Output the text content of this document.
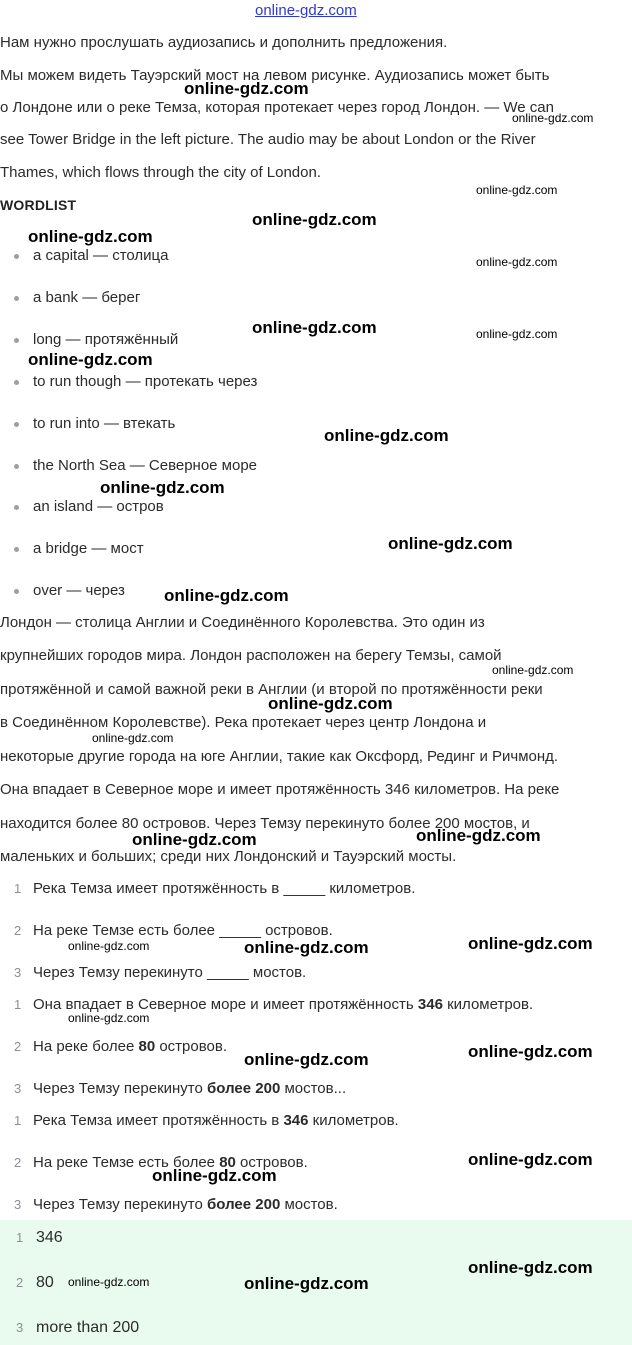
Нам нужно прослушать аудиозапись и дополнить предложения.
Мы можем видеть Тауэрский мост на левом рисунке. Аудиозапись может быть
о Лондоне или о реке Темза, которая протекает через город Лондон. — We can
see Tower Bridge in the left picture. The audio may be about London or the River
Thames, which flows through the city of London.
WORDLIST
a capital — столица
a bank — берег
long — протяжённый
to run though — протекать через
to run into — втекать
the North Sea — Северное море
an island — остров
a bridge — мост
over — через
Лондон — столица Англии и Соединённого Королевства. Это один из
крупнейших городов мира. Лондон расположен на берегу Темзы, самой
протяжённой и самой важной реки в Англии (и второй по протяжённости реки
в Соединённом Королевстве). Река протекает через центр Лондона и
некоторые другие города на юге Англии, такие как Оксфорд, Рединг и Ричмонд.
Она впадает в Северное море и имеет протяжённость 346 километров. На реке
находится более 80 островов. Через Темзу перекинуто более 200 мостов, и
маленьких и больших; среди них Лондонский и Тауэрский мосты.
1 Река Темза имеет протяжённость в _____ километров.
2 На реке Темзе есть более _____ островов.
3 Через Темзу перекинуто _____ мостов.
1 Она впадает в Северное море и имеет протяжённость 346 километров.
2 На реке более 80 островов.
3 Через Темзу перекинуто более 200 мостов...
1 Река Темза имеет протяжённость в 346 километров.
2 На реке Темзе есть более 80 островов.
3 Через Темзу перекинуто более 200 мостов.
1 346
2 80
3 more than 200
online-gdz.com
online-gdz.com
online-gdz.com
online-gdz.com
online-gdz.com
online-gdz.com
online-gdz.com
online-gdz.com	online-gdz.com
online-gdz.com
online-gdz.com
online-gdz.com
online-gdz.com
online-gdz.com
online-gdz.com
online-gdz.com
online-gdz.com
online-gdz.com	online-gdz.com
online-gdz.com	online-gdz.com	online-gdz.com
online-gdz.com
online-gdz.com	online-gdz.com
online-gdz.com
online-gdz.com
online-gdz.com
online-gdz.com	online-gdz.com
